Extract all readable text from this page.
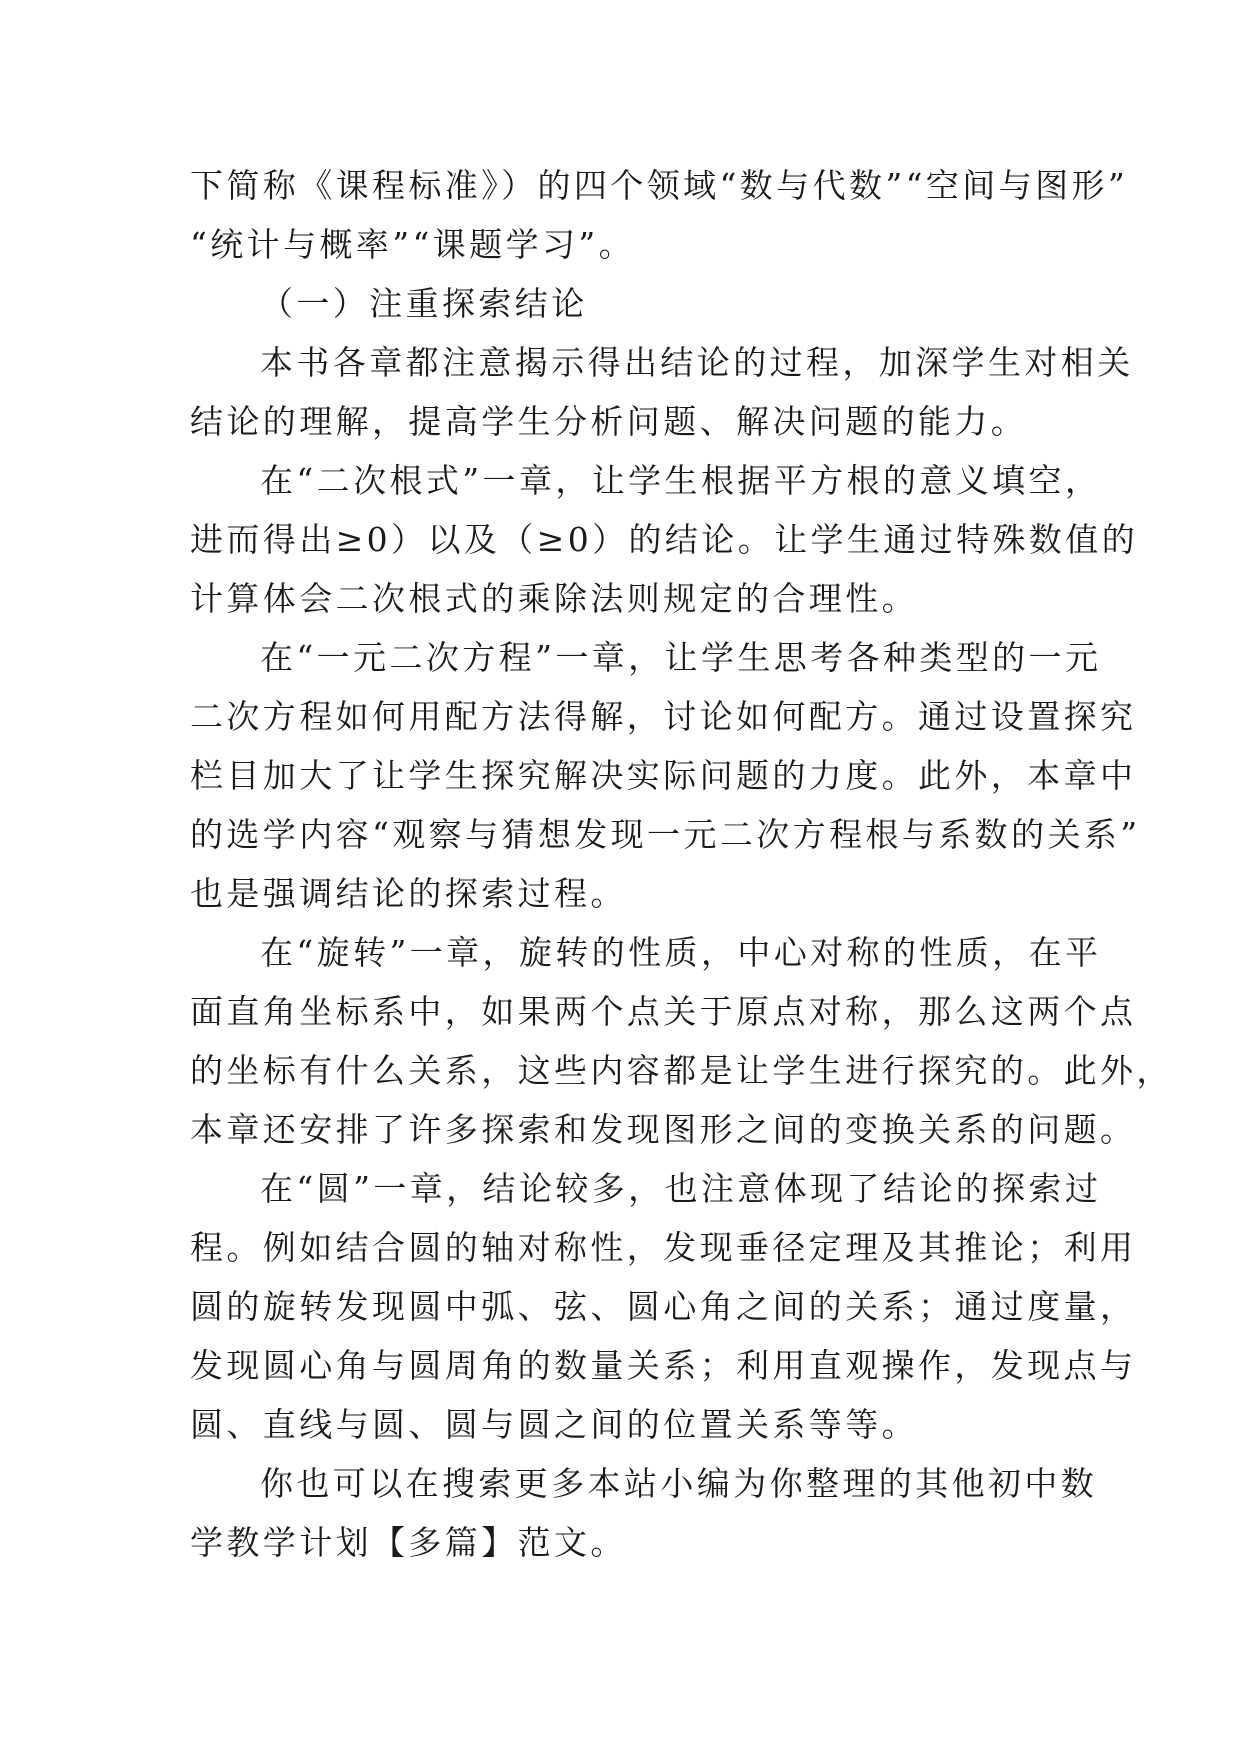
下简称《课程标准》）的四个领域“数与代数”“空间与图形”
“统计与概率”“课题学习”。
（一）注重探索结论
本书各章都注意揭示得出结论的过程，加深学生对相关
结论的理解，提高学生分析问题、解决问题的能力。
在“二次根式”一章，让学生根据平方根的意义填空，
进而得出≥0）以及（≥0）的结论。让学生通过特殊数值的
计算体会二次根式的乘除法则规定的合理性。
在“一元二次方程”一章，让学生思考各种类型的一元
二次方程如何用配方法得解，讨论如何配方。通过设置探究
栏目加大了让学生探究解决实际问题的力度。此外，本章中
的选学内容“观察与猜想发现一元二次方程根与系数的关系”
也是强调结论的探索过程。
在“旋转”一章，旋转的性质，中心对称的性质，在平
面直角坐标系中，如果两个点关于原点对称，那么这两个点
的坐标有什么关系，这些内容都是让学生进行探究的。此外，
本章还安排了许多探索和发现图形之间的变换关系的问题。
在“圆”一章，结论较多，也注意体现了结论的探索过
程。例如结合圆的轴对称性，发现垂径定理及其推论；利用
圆的旋转发现圆中弧、弦、圆心角之间的关系；通过度量，
发现圆心角与圆周角的数量关系；利用直观操作，发现点与
圆、直线与圆、圆与圆之间的位置关系等等。
你也可以在搜索更多本站小编为你整理的其他初中数
学教学计划【多篇】范文。
